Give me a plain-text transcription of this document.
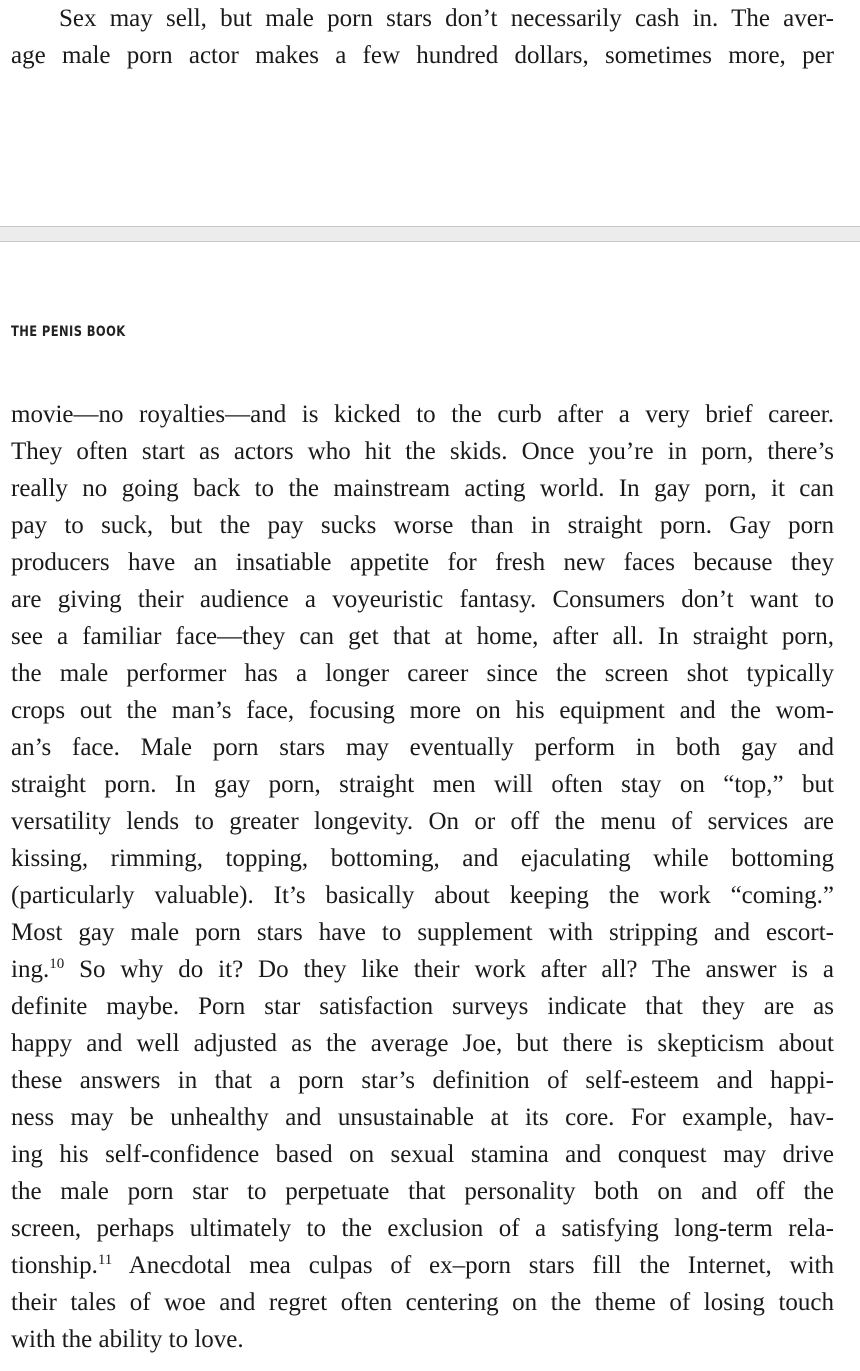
Sex may sell, but male porn stars don’t necessarily cash in. The aver-
age male porn actor makes a few hundred dollars, sometimes more, per
THE PENIS BOOK
movie—no royalties—and is kicked to the curb after a very brief career.
They often start as actors who hit the skids. Once you’re in porn, there’s
really no going back to the mainstream acting world. In gay porn, it can
pay to suck, but the pay sucks worse than in straight porn. Gay porn
producers have an insatiable appetite for fresh new faces because they
are giving their audience a voyeuristic fantasy. Consumers don’t want to
see a familiar face—they can get that at home, after all. In straight porn,
the male performer has a longer career since the screen shot typically
crops out the man’s face, focusing more on his equipment and the wom-
an’s face. Male porn stars may eventually perform in both gay and
straight porn. In gay porn, straight men will often stay on “top,” but
versatility lends to greater longevity. On or off the menu of services are
kissing, rimming, topping, bottoming, and ejaculating while bottoming
(particularly valuable). It’s basically about keeping the work “coming.”
Most gay male porn stars have to supplement with stripping and escort-
ing.$^{10}$ So why do it? Do they like their work after all? The answer is a
definite maybe. Porn star satisfaction surveys indicate that they are as
happy and well adjusted as the average Joe, but there is skepticism about
these answers in that a porn star’s definition of self-esteem and happi-
ness may be unhealthy and unsustainable at its core. For example, hav-
ing his self-confidence based on sexual stamina and conquest may drive
the male porn star to perpetuate that personality both on and off the
screen, perhaps ultimately to the exclusion of a satisfying long-term rela-
tionship.$^{11}$ Anecdotal mea culpas of ex–porn stars fill the Internet, with
their tales of woe and regret often centering on the theme of losing touch
with the ability to love.
